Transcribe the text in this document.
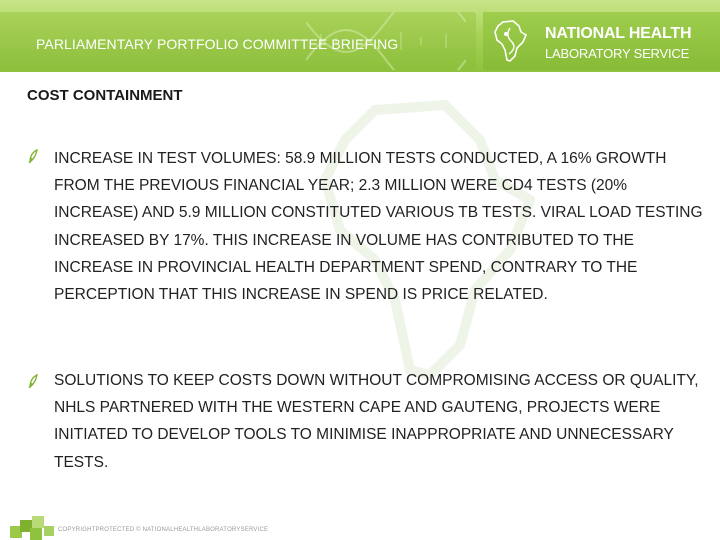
PARLIAMENTARY PORTFOLIO COMMITTEE BRIEFING
NATIONAL HEALTH
LABORATORY SERVICE
COST CONTAINMENT

INCREASE IN TEST VOLUMES: 58.9 MILLION TESTS CONDUCTED, A 16% GROWTH FROM THE PREVIOUS FINANCIAL YEAR; 2.3 MILLION WERE CD4 TESTS (20% INCREASE) AND 5.9 MILLION CONSTITUTED VARIOUS TB TESTS. VIRAL LOAD TESTING INCREASED BY 17%. THIS INCREASE IN VOLUME HAS CONTRIBUTED TO THE INCREASE IN PROVINCIAL HEALTH DEPARTMENT SPEND, CONTRARY TO THE PERCEPTION THAT THIS INCREASE IN SPEND IS PRICE RELATED.

SOLUTIONS TO KEEP COSTS DOWN WITHOUT COMPROMISING ACCESS OR QUALITY, NHLS PARTNERED WITH THE WESTERN CAPE AND GAUTENG, PROJECTS WERE INITIATED TO DEVELOP TOOLS TO MINIMISE INAPPROPRIATE AND UNNECESSARY TESTS.

COPYRIGHTPROTECTED © NATIONALHEALTHLABORATORYSERVICE
